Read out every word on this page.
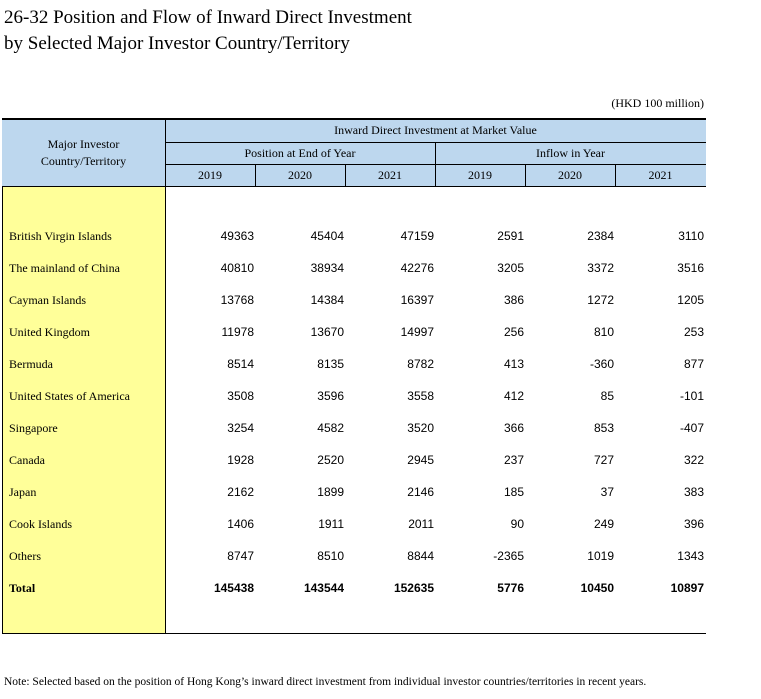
26-32 Position and Flow of Inward Direct Investment
by Selected Major Investor Country/Territory
(HKD 100 million)
Major Investor
Country/Territory
Inward Direct Investment at Market Value
Position at End of Year	Inflow in Year
2019	2020	2021	2019	2020	2021
British Virgin Islands	49363	45404	47159	2591	2384	3110
The mainland of China	40810	38934	42276	3205	3372	3516
Cayman Islands	13768	14384	16397	386	1272	1205
United Kingdom	11978	13670	14997	256	810	253
Bermuda	8514	8135	8782	413	-360	877
United States of America	3508	3596	3558	412	85	-101
Singapore	3254	4582	3520	366	853	-407
Canada	1928	2520	2945	237	727	322
Japan	2162	1899	2146	185	37	383
Cook Islands	1406	1911	2011	90	249	396
Others	8747	8510	8844	-2365	1019	1343
Total	145438	143544	152635	5776	10450	10897
Note: Selected based on the position of Hong Kong’s inward direct investment from individual investor countries/territories in recent years.
